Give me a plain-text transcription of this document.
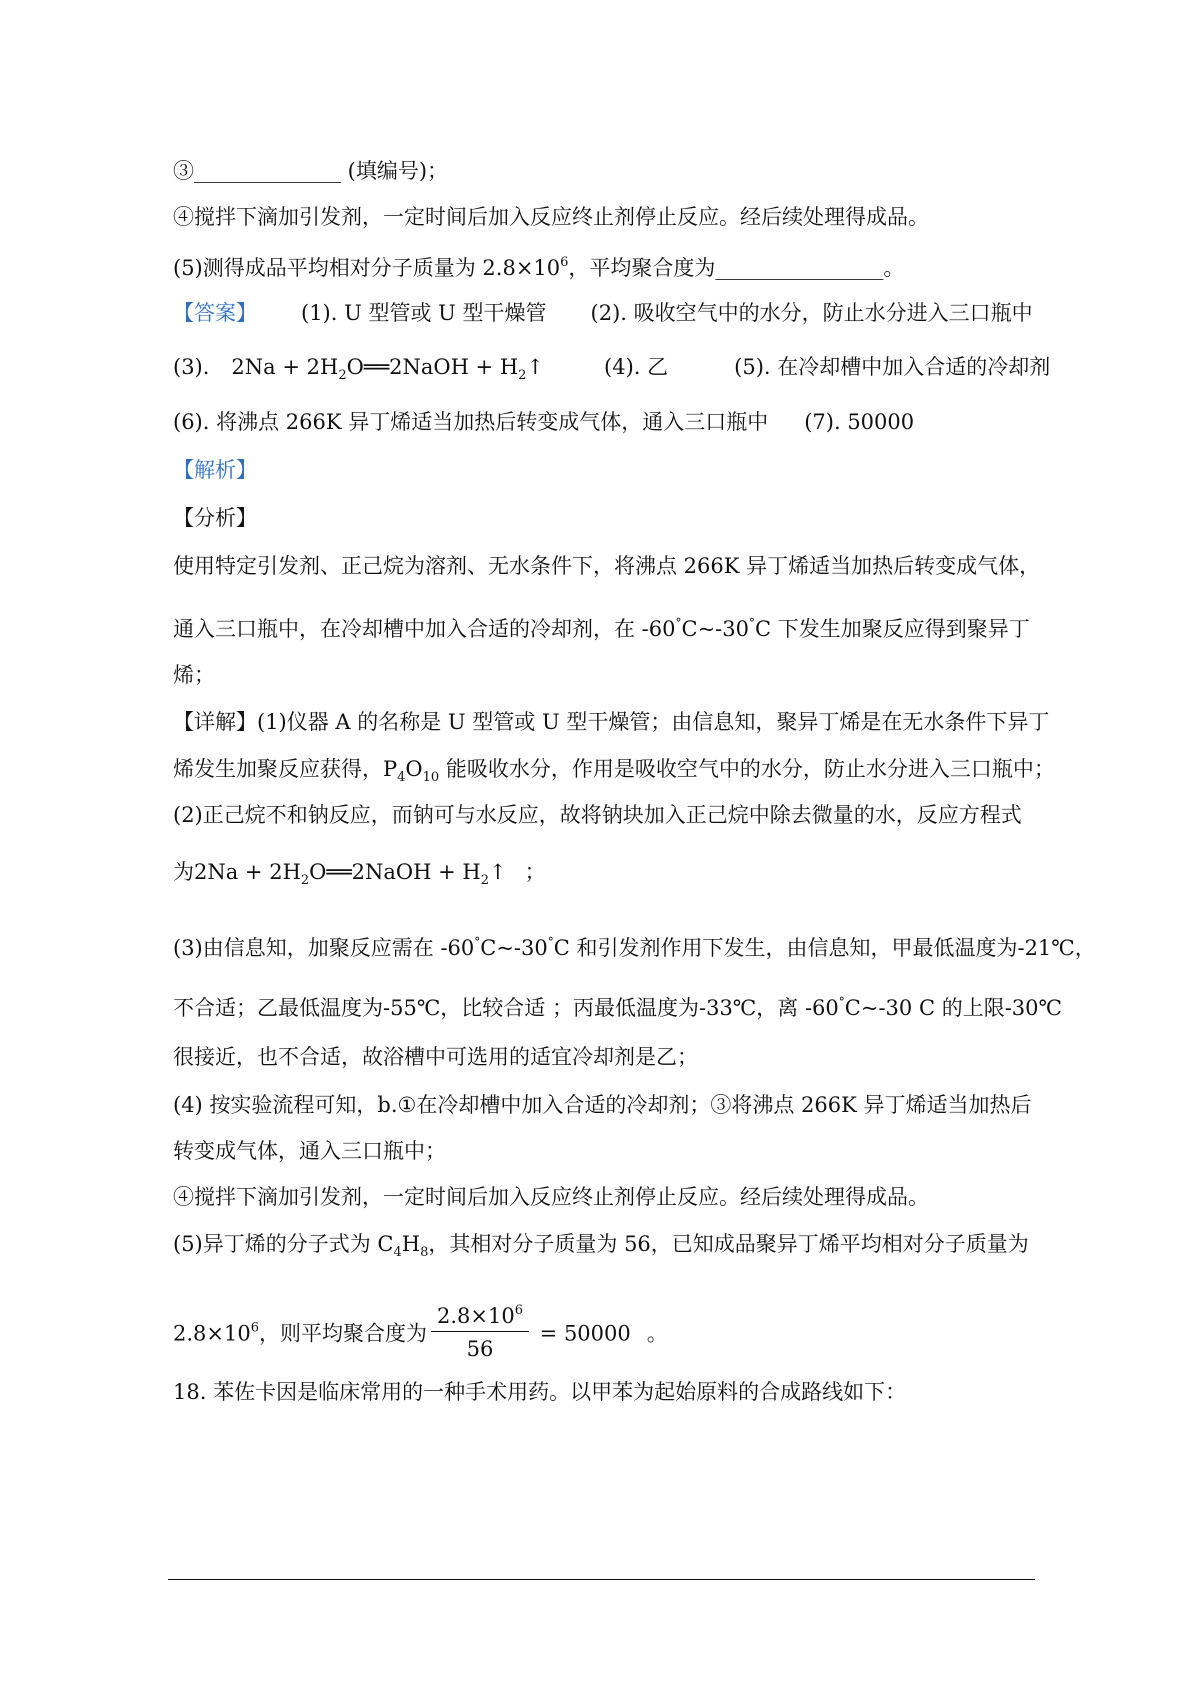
③______________ (填编号)；
④搅拌下滴加引发剂，一定时间后加入反应终止剂停止反应。经后续处理得成品。
(5)测得成品平均相对分子质量为 $2.8\times 10^6$，平均聚合度为________________。
【答案】 (1). U 型管或 U 型干燥管 (2). 吸收空气中的水分，防止水分进入三口瓶中
(3). $2Na + 2H_2O══2NaOH$ + $H_2↑$	(4). 乙	(5). 在冷却槽中加入合适的冷却剂
(6). 将沸点 266K 异丁烯适当加热后转变成气体，通入三口瓶中 (7). 50000
【解析】
【分析】
使用特定引发剂、正己烷为溶剂、无水条件下，将沸点 266K 异丁烯适当加热后转变成气体，
通入三口瓶中，在冷却槽中加入合适的冷却剂，在 -60°C~-30°C 下发生加聚反应得到聚异丁
烯；
【详解】(1)仪器 A 的名称是 U 型管或 U 型干燥管；由信息知，聚异丁烯是在无水条件下异丁
烯发生加聚反应获得，$P_4O_{10}$ 能吸收水分，作用是吸收空气中的水分，防止水分进入三口瓶中；
(2)正己烷不和钠反应，而钠可与水反应，故将钠块加入正己烷中除去微量的水，反应方程式
为$2Na + 2H_2O══2NaOH$ + $H_2↑$ ；
(3)由信息知，加聚反应需在 -60°C~-30°C 和引发剂作用下发生，由信息知，甲最低温度为-21℃，
不合适；乙最低温度为-55℃，比较合适 ；丙最低温度为-33℃，离 -60°C~-30 C 的上限-30℃
很接近，也不合适，故浴槽中可选用的适宜冷却剂是乙；
(4) 按实验流程可知，b.①在冷却槽中加入合适的冷却剂；③将沸点 266K 异丁烯适当加热后
转变成气体，通入三口瓶中；
④搅拌下滴加引发剂，一定时间后加入反应终止剂停止反应。经后续处理得成品。
(5)异丁烯的分子式为 $C_4H_8$，其相对分子质量为 56，已知成品聚异丁烯平均相对分子质量为
$2.8\times 10^6$，则平均聚合度为 $\frac{2.8\times 10^6}{56} = 50000$ 。
18. 苯佐卡因是临床常用的一种手术用药。以甲苯为起始原料的合成路线如下：
